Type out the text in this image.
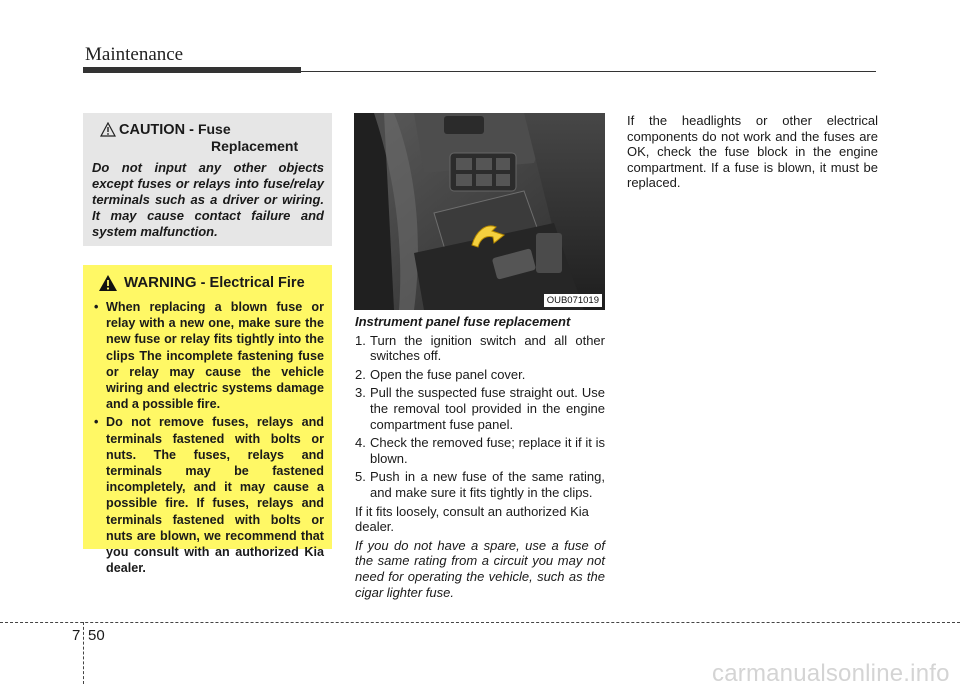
Maintenance
CAUTION - Fuse
Replacement
Do not input any other objects except fuses or relays into fuse/relay terminals such as a driver or wiring. It may cause contact failure and system malfunction.
WARNING - Electrical Fire
• When replacing a blown fuse or relay with a new one, make sure the new fuse or relay fits tightly into the clips The incomplete fastening fuse or relay may cause the vehicle wiring and electric systems damage and a possible fire.
• Do not remove fuses, relays and terminals fastened with bolts or nuts. The fuses, relays and terminals may be fastened incompletely, and it may cause a possible fire. If fuses, relays and terminals fastened with bolts or nuts are blown, we recommend that you consult with an authorized Kia dealer.
OUB071019
Instrument panel fuse replacement
1. Turn the ignition switch and all other switches off.
2. Open the fuse panel cover.
3. Pull the suspected fuse straight out. Use the removal tool provided in the engine compartment fuse panel.
4. Check the removed fuse; replace it if it is blown.
5. Push in a new fuse of the same rating, and make sure it fits tightly in the clips.

If it fits loosely, consult an authorized Kia dealer.

If you do not have a spare, use a fuse of the same rating from a circuit you may not need for operating the vehicle, such as the cigar lighter fuse.

If the headlights or other electrical components do not work and the fuses are OK, check the fuse block in the engine compartment. If a fuse is blown, it must be replaced.
7 50
carmanualsonline.info
